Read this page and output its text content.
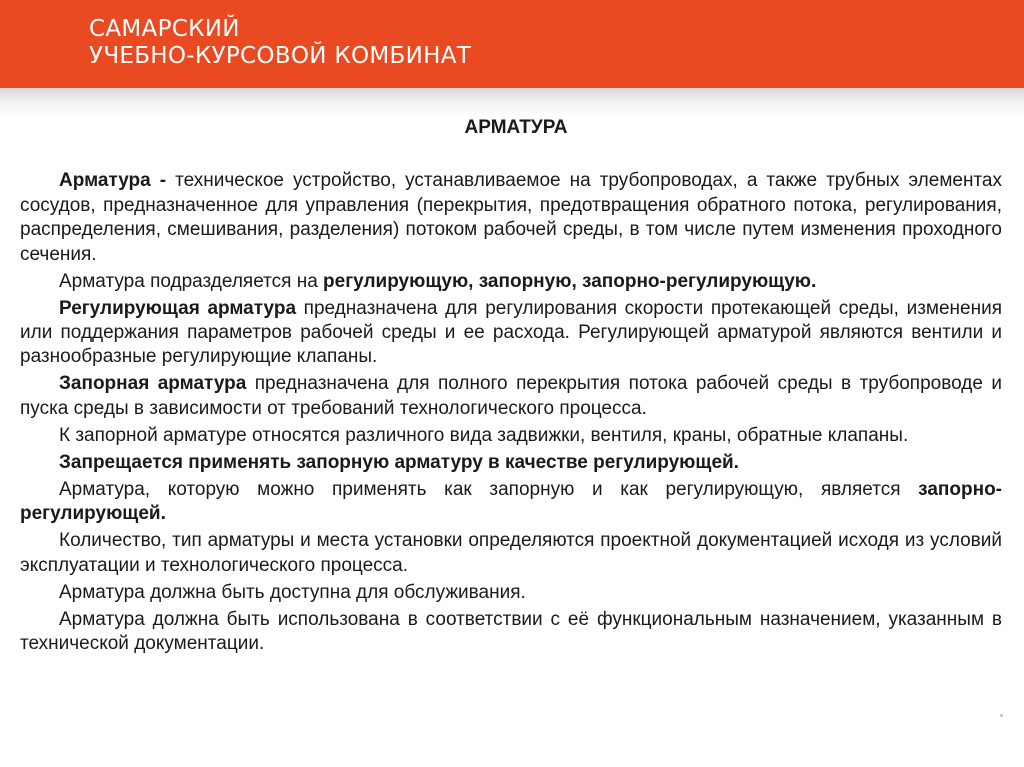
САМАРСКИЙ
УЧЕБНО-КУРСОВОЙ КОМБИНАТ
АРМАТУРА
Арматура - техническое устройство, устанавливаемое на трубопроводах, а также трубных элементах сосудов, предназначенное для управления (перекрытия, предотвращения обратного потока, регулирования, распределения, смешивания, разделения) потоком рабочей среды, в том числе путем изменения проходного сечения.
Арматура подразделяется на регулирующую, запорную, запорно-регулирующую.
Регулирующая арматура предназначена для регулирования скорости протекающей среды, изменения или поддержания параметров рабочей среды и ее расхода. Регулирующей арматурой являются вентили и разнообразные регулирующие клапаны.
Запорная арматура предназначена для полного перекрытия потока рабочей среды в трубопроводе и пуска среды в зависимости от требований технологического процесса.
К запорной арматуре относятся различного вида задвижки, вентиля, краны, обратные клапаны.
Запрещается применять запорную арматуру в качестве регулирующей.
Арматура, которую можно применять как запорную и как регулирующую, является запорно-регулирующей.
Количество, тип арматуры и места установки определяются проектной документацией исходя из условий эксплуатации и технологического процесса.
Арматура должна быть доступна для обслуживания.
Арматура должна быть использована в соответствии с её функциональным назначением, указанным в технической документации.
